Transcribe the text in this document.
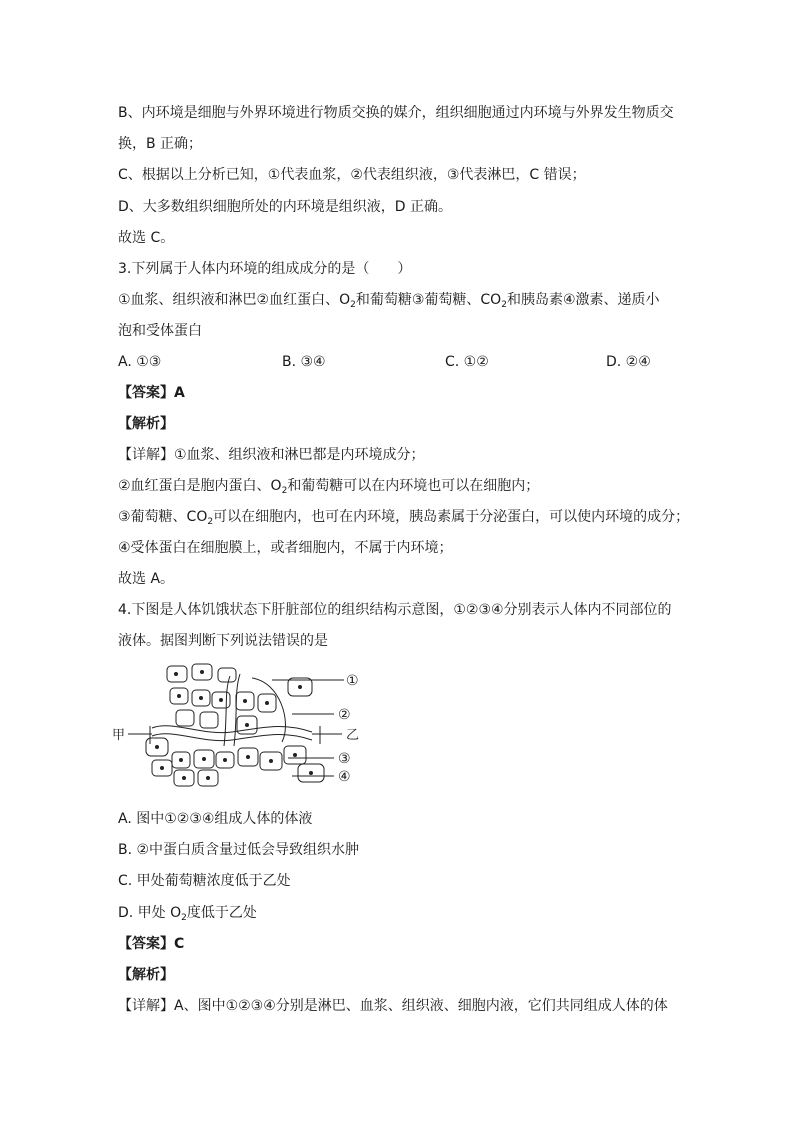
B、内环境是细胞与外界环境进行物质交换的媒介，组织细胞通过内环境与外界发生物质交
换，B 正确；
C、根据以上分析已知，①代表血浆，②代表组织液，③代表淋巴，C 错误；
D、大多数组织细胞所处的内环境是组织液，D 正确。
故选 C。
3.下列属于人体内环境的组成成分的是（　　）
①血浆、组织液和淋巴②血红蛋白、$O_2$和葡萄糖③葡萄糖、$CO_2$和胰岛素④激素、递质小
泡和受体蛋白
A. ①③	B. ③④	C. ①②	D. ②④
【答案】A
【解析】
【详解】①血浆、组织液和淋巴都是内环境成分；
②血红蛋白是胞内蛋白、$O_2$和葡萄糖可以在内环境也可以在细胞内；
③葡萄糖、$CO_2$可以在细胞内，也可在内环境，胰岛素属于分泌蛋白，可以使内环境的成分；
④受体蛋白在细胞膜上，或者细胞内，不属于内环境；
故选 A。
4.下图是人体饥饿状态下肝脏部位的组织结构示意图，①②③④分别表示人体内不同部位的
液体。据图判断下列说法错误的是
甲	乙
①
②
③
④
A. 图中①②③④组成人体的体液
B. ②中蛋白质含量过低会导致组织水肿
C. 甲处葡萄糖浓度低于乙处
D. 甲处 $O_2$度低于乙处
【答案】C
【解析】
【详解】A、图中①②③④分别是淋巴、血浆、组织液、细胞内液，它们共同组成人体的体
